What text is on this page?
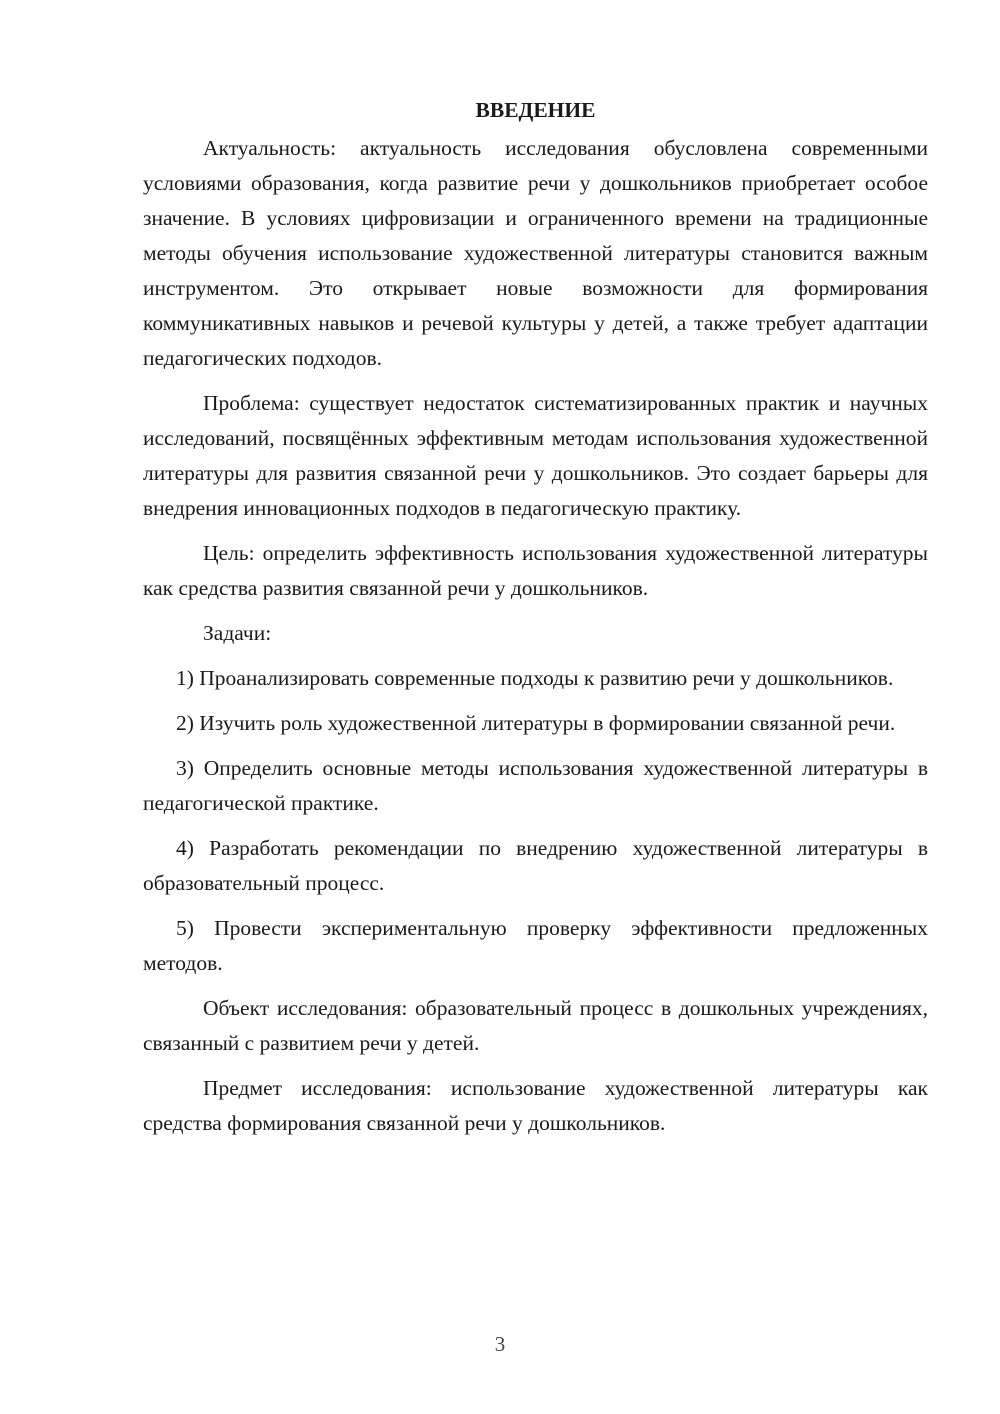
ВВЕДЕНИЕ

Актуальность: актуальность исследования обусловлена современными условиями образования, когда развитие речи у дошкольников приобретает особое значение. В условиях цифровизации и ограниченного времени на традиционные методы обучения использование художественной литературы становится важным инструментом. Это открывает новые возможности для формирования коммуникативных навыков и речевой культуры у детей, а также требует адаптации педагогических подходов.

Проблема: существует недостаток систематизированных практик и научных исследований, посвящённых эффективным методам использования художественной литературы для развития связанной речи у дошкольников. Это создает барьеры для внедрения инновационных подходов в педагогическую практику.

Цель: определить эффективность использования художественной литературы как средства развития связанной речи у дошкольников.

Задачи:

1) Проанализировать современные подходы к развитию речи у дошкольников.

2) Изучить роль художественной литературы в формировании связанной речи.

3) Определить основные методы использования художественной литературы в педагогической практике.

4) Разработать рекомендации по внедрению художественной литературы в образовательный процесс.

5) Провести экспериментальную проверку эффективности предложенных методов.

Объект исследования: образовательный процесс в дошкольных учреждениях, связанный с развитием речи у детей.

Предмет исследования: использование художественной литературы как средства формирования связанной речи у дошкольников.

3
